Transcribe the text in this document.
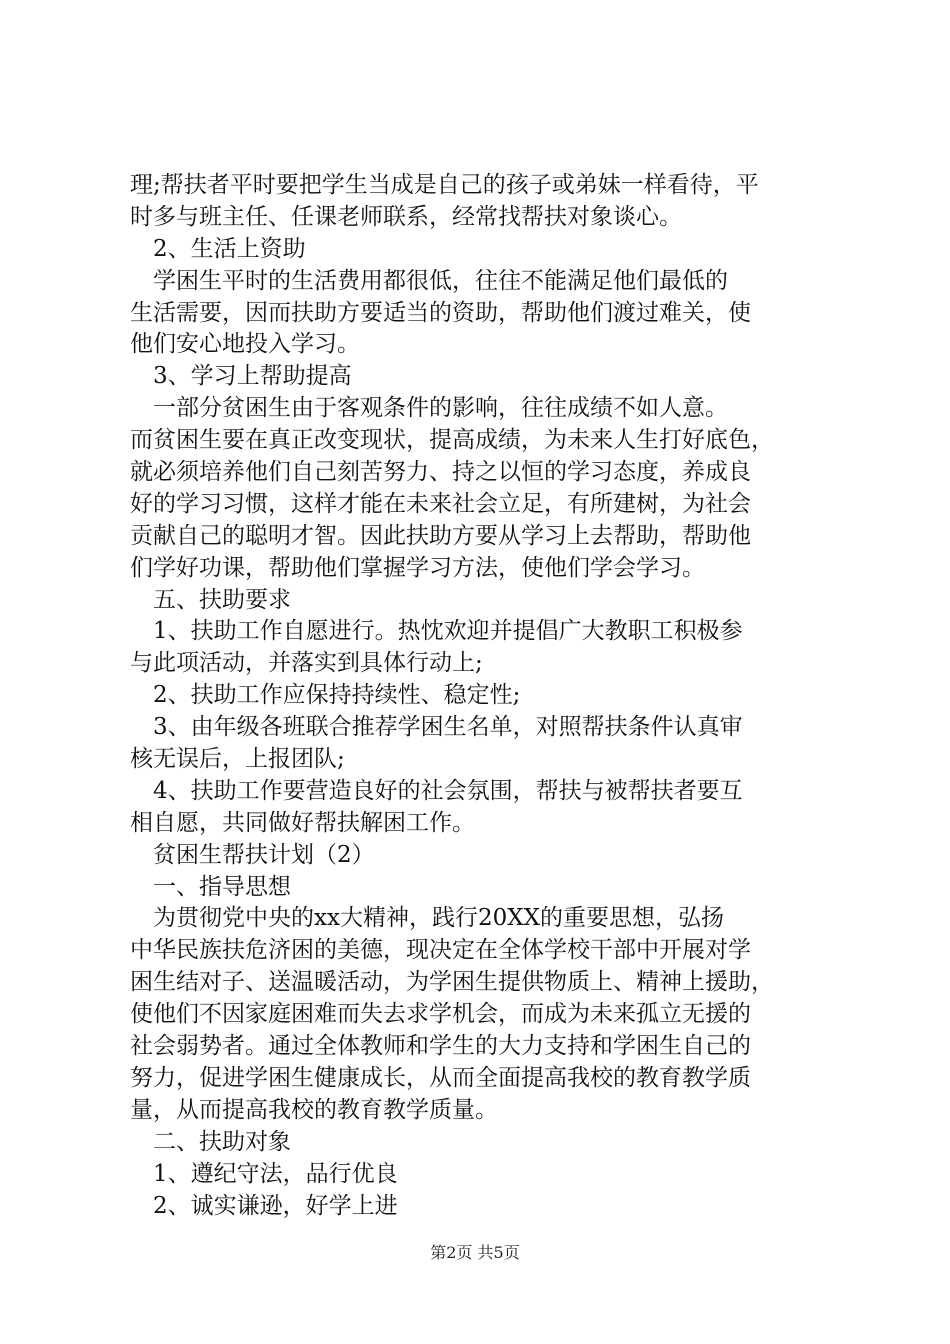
理;帮扶者平时要把学生当成是自己的孩子或弟妹一样看待，平
时多与班主任、任课老师联系，经常找帮扶对象谈心。
　2、生活上资助
　学困生平时的生活费用都很低，往往不能满足他们最低的
生活需要，因而扶助方要适当的资助，帮助他们渡过难关，使
他们安心地投入学习。
　3、学习上帮助提高
　一部分贫困生由于客观条件的影响，往往成绩不如人意。
而贫困生要在真正改变现状，提高成绩，为未来人生打好底色，
就必须培养他们自己刻苦努力、持之以恒的学习态度，养成良
好的学习习惯，这样才能在未来社会立足，有所建树，为社会
贡献自己的聪明才智。因此扶助方要从学习上去帮助，帮助他
们学好功课，帮助他们掌握学习方法，使他们学会学习。
　五、扶助要求
　1、扶助工作自愿进行。热忱欢迎并提倡广大教职工积极参
与此项活动，并落实到具体行动上;
　2、扶助工作应保持持续性、稳定性;
　3、由年级各班联合推荐学困生名单，对照帮扶条件认真审
核无误后，上报团队;
　4、扶助工作要营造良好的社会氛围，帮扶与被帮扶者要互
相自愿，共同做好帮扶解困工作。
　贫困生帮扶计划（2）
　一、指导思想
　为贯彻党中央的xx大精神，践行20XX的重要思想，弘扬
中华民族扶危济困的美德，现决定在全体学校干部中开展对学
困生结对子、送温暖活动，为学困生提供物质上、精神上援助，
使他们不因家庭困难而失去求学机会，而成为未来孤立无援的
社会弱势者。通过全体教师和学生的大力支持和学困生自己的
努力，促进学困生健康成长，从而全面提高我校的教育教学质
量，从而提高我校的教育教学质量。
　二、扶助对象
　1、遵纪守法，品行优良
　2、诚实谦逊，好学上进
第2页 共5页
